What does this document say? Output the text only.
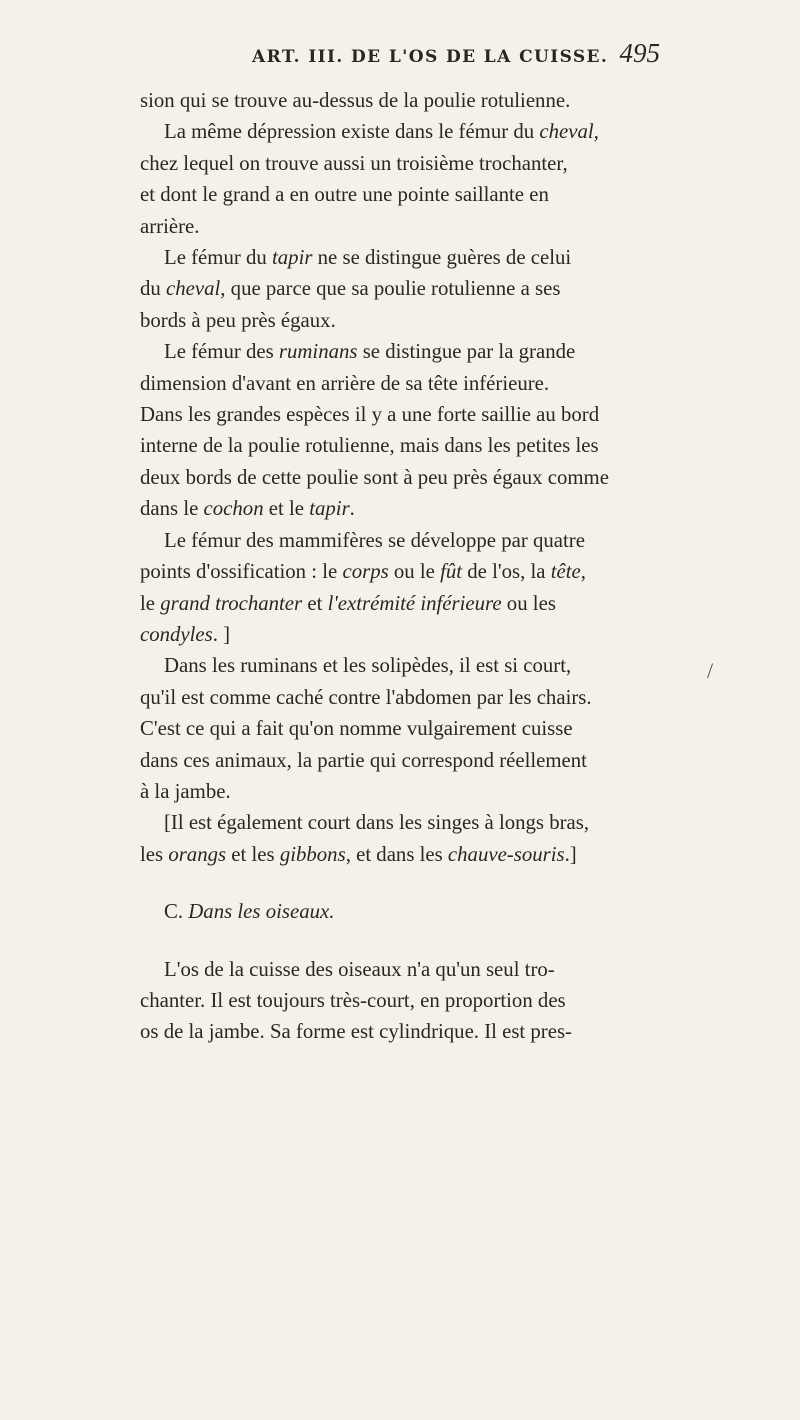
ART. III. DE L'OS DE LA CUISSE. 495
sion qui se trouve au-dessus de la poulie rotulienne.
La même dépression existe dans le fémur du cheval,
chez lequel on trouve aussi un troisième trochanter,
et dont le grand a en outre une pointe saillante en
arrière.
Le fémur du tapir ne se distingue guères de celui
du cheval, que parce que sa poulie rotulienne a ses
bords à peu près égaux.
Le fémur des ruminans se distingue par la grande
dimension d'avant en arrière de sa tête inférieure.
Dans les grandes espèces il y a une forte saillie au bord
interne de la poulie rotulienne, mais dans les petites les
deux bords de cette poulie sont à peu près égaux comme
dans le cochon et le tapir.
Le fémur des mammifères se développe par quatre
points d'ossification : le corps ou le fût de l'os, la tête,
le grand trochanter et l'extrémité inférieure ou les
condyles. ]
Dans les ruminans et les solipèdes, il est si court,
qu'il est comme caché contre l'abdomen par les chairs.
C'est ce qui a fait qu'on nomme vulgairement cuisse
dans ces animaux, la partie qui correspond réellement
à la jambe.
[Il est également court dans les singes à longs bras,
les orangs et les gibbons, et dans les chauve-souris.]
C. Dans les oiseaux.
L'os de la cuisse des oiseaux n'a qu'un seul tro-
chanter. Il est toujours très-court, en proportion des
os de la jambe. Sa forme est cylindrique. Il est pres-
/
